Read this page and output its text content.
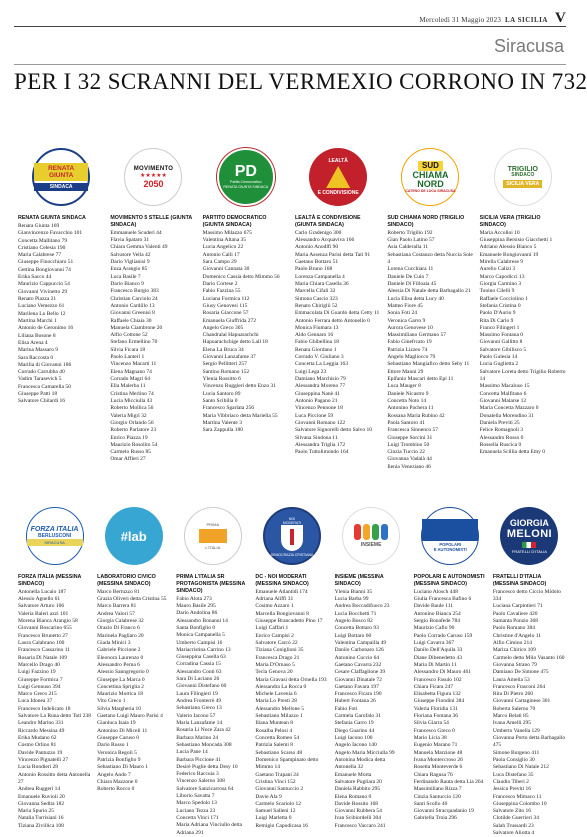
Mercoledì 31 Maggio 2023 LA SICILIA V
Siracusa
PER I 32 SCRANNI DEL VERMEXIO CORRONO IN 732
RENATA
GIUNTA
SINDACA
RENATA GIUNTA SINDACA
Renata Giunta 169
Gianvincenzo Favacchio 101
Concetta Mallitano 79
Cristiano Celesia 190
Maria Calabrese 77
Giuseppe Finocchiaro 51
Gettina Bongiovanni 74
Erika Sacco 44
Maurizio Cappuccio 54
Giovanni Vivinetto 29
Renato Piazza 21
Luciano Vemezzo 61
Marilena Lo Bello 12
Martina Marchi 1
Antonio de Geronimo 16
Liliana Bosone 8
Elisa Arena 4
Marina Massaro 9
Sara Raccosta 0
Marilia di Giovanni 186
Corrado Carrubba 40
Vadim Tarasevich 5
Francesca Camarella 50
Giuseppe Patti 18
Salvatore Chilardi 16
MOVIMENTO
★★★★★
2050
MOVIMENTO 5 STELLE (GIUNTA SINDACA)
Emmanuele Scuderi 44
Flavia Spataro 31
Chiara Gemma Valenti 49
Salvatore Vella 42
Dario Viglianisi 9
Enza Arangio 85
Luca Basile 7
Dario Bianco 9
Francesco Burgio 383
Christian Carciolo 24
Antonio Cardillo 13
Giovanni Greenisi 8
Raffaele Chiaia 30
Manuela Ciambrone 20
Alfio Cottone 52
Stefano Ermellino 70
Silvia Ficara 18
Paolo Lanteri 1
Vincenzo Macarti 11
Elena Magnano 74
Corrado Magri 64
Ella Malerba 11
Cristina Merlino 74
Lucia Micciulla 43
Roberto Mollica 56
Valeria Migri 32
Giorgio Orlando 56
Roberto Parlatore 23
Enrico Piazza 19
Maurizio Rosolito 54
Carmelo Russo 85
Omar Affieri 27
PD
Partito Democratico
RENATA GIUNTA SINDACA
PARTITO DEMOCRATICO (GIUNTA SINDACA)
Massimo Milazzo 675
Valentina Altana 35
Lucia Angelico 22
Antonio Calli 17
Sara Campo 29
Giovanni Cannata 30
Domenico Cassia detto Mimmo 56
Dario Cortese 2
Fabio Fazzina 55
Luciana Formica 112
Giusy Genovesi 115
Rosaria Giaccone 57
Emanuela Giuffrida 272
Angelo Greco 305
Chandralal Hapuarachchi Hapuarachchige detto Lall 18
Elena La Bruca 34
Giovanni Lanzafame 37
Sergio Pellitteri 257
Santino Romano 152
Ylenia Rossitto 6
Vincenzo Ruggieri detto Enzo 31
Lucia Santoro 89
Santo Scibilia 0
Francesco Sgarlata 256
Maria Vibbriaco detta Mariella 55
Martina Valente 3
Sara Zappulla 180
LEALTÀ
E CONDIVISIONE
LEALTÀ E CONDIVISIONE (GIUNTA SINDACA)
Carlo Gradenigo 300
Alessandro Acquaviva 166
Antonio Anodlfi 90
Maria Assenza Parisi detta Tati 91
Gaetano Bottaro 51
Paolo Bruno 168
Lorenza Campanella 4
Maria Chiara Casella 36
Marcella Cifali 32
Simona Cascio 323
Renato Chiriglii 52
Emmacolata Di Guardo detta Cetty 11
Antonio Ferrara detto Antonello 0
Monica Fiumara 13
Aldo Gennaro 16
Fabio Ghibellina 18
Renata Giordano 1
Corrado V. Giuliano 3
Concetta La Leggia 163
Luigi Lega 23
Damiano Marchisio 79
Alessandra Moreno 77
Giuseppina Nanè 41
Antonio Pagano 21
Vincenzo Pennone 18
Luca Piccione 59
Giovanni Romano 122
Salvatore Signorelli detto Salvo 10
Silvana Sindona 11
Alessandra Triglia 172
Paolo Tuttolimondo 164
SUD
CHIAMA NORD
CATENO DE LUCA SIRACUSA
SUD CHIAMA NORD (TRIGILIO SINDACO)
Roberto Trigilio 192
Gian Paolo Latino 57
Asia Calderalla 11
Sebastiana Costanzo detta Nuccia Sole 4
Lorena Cucchiara 11
Daniele De Cuio 7
Daniele Di Filloaia 45
Alessia Di Natale detta Barbagallo 21
Lucia Elisa detta Lucy 40
Matteo Fiore 45
Sonia Foti 24
Veronica Garro 9
Aurora Genovese 10
Massimiliano Germano 57
Fabio Ginefrcato 19
Patrizia Lizzeo 74
Angelo Magliocco 79
Sebastiano Mangiafico detto Seby 11
Ettore Manni 29
Epifanio Mascari detto Epi 11
Luca Mauger 8
Daniele Nicastro 9
Concetta Noto 14
Antonino Pachera 11
Rossana Maria Rubino 42
Paola Santoro 41
Francesca Sinnenco 57
Giuseppe Sorcini 31
Luigi Trombino 50
Cinzia Tuccio 22
Giovanna Vadalà 44
Ilenia Veneziano 46
TRIGILIO
SINDACO
SICILIA VERA
SICILIA VERA (TRIGILIO SINDACO)
Maria Accolloi 10
Giuseppina Bersisio Giacchetti 1
Adriano Alessio Bianco 5
Emanuele Bongiovanni 19
Mirella Calabrese 9
Aurelio Calizi 3
Marco Capodicci 13
Giorgia Carmino 3
Tonino Cilelli 9
Raffaele Cocciolino 1
Stefania Cristina 0
Paolo D'Aurio 9
Rita Di Carlo 9
Franco Filingeri 1
Massimo Fontana 0
Giovanni Gallitto 8
Salvatore Gibilisco 5
Paolo Gulesia 14
Lucia Guglietta 2
Salvatore Loreta detto Trigilio Roberto 14
Massimo Macaluso 15
Concetta Malfitano 6
Giovanni Malarse 12
Maria Concetta Mazzaro 0
Donatella Morendino 31
Daniela Previti 25
Felice Romagnoli 3
Alessandro Rosso 0
Rossella Ruscica 0
Emanuela Scillia detta Emy 0
FORZA ITALIA
BERLUSCONI
SIRACUSA
FORZA ITALIA (MESSINA SINDACO)
Antonella Lucaio 187
Alessio Agnello 61
Salvatore Arturo 106
Valeria Baleri azzi 101
Morena Bianca Arangio 58
Giovanni Boscarino 655
Francesco Brunetto 27
Laura Calabrano 100
Francesco Cassarino 11
Rosaria Di Natale 109
Marcello Drago 40
Luigi Fazzino 19
Giuseppe Formica 7
Luigi Gennuso 394
Marco Greco 215
Luca Idonea 37
Francesco Indelicato 18
Salvatore La Runa detto Toti 238
Leandro Marino 331
Riccardo Messina 49
Erika Mudano 62
Cosmo Orlino 81
Davide Pantuzzo 19
Vincenzo Pignatelli 27
Lucia Rondieri 28
Antonio Rossitto detta Antonella 27
Andrea Ruggeri 14
Emanuele Ruvioli 20
Giovanna Sedita 182
Maria Spurio 25
Natalia Turrisiani 16
Tiziana Zivillica 108
#lab
LABORATORIO CIVICO (MESSINA SINDACO)
Marco Bertuzzo 81
Grazia Oliveri detta Cristina 55
Marco Barrera 81
Andrea Valori 57
Giorgia Calabrese 32
Orazio Di Franco 6
Marinela Pagliaro 20
Giada Minici 3
Gabriele Piccione 2
Eleonora Laurenzo 0
Alessandro Perna 6
Alessio Sanngregorio 0
Giuseppe La Marca 0
Concettina Spriglia 2
Maurizio Mortica 18
Vito Greco 1
Silvia Margheria 10
Gaetano Luigi Mauro Parisi 4
Gianluca Isaia 19
Antonino Di Miceli 11
Giuseppe Caruso 0
Dario Russo 1
Veronica Regoli 5
Patrizia Bonfiglio 9
Sebastiano Di Mauro 1
Angelo Ando 7
Chiara Mazzone 0
Roberto Rocco 0
PRIMA
L'ITALIA
PRIMA L'ITALIA SR PROTAGONISTA (MESSINA SINDACO)
Fabio Alota 273
Mauro Basile 295
Dario Andolina 86
Alessandro Bonanni 14
Santa Bonfiglio 0
Monica Campanella 5
Umberto Campisi 16
Mariacristina Carrino 13
Giuseppina Casella 63
Corradina Cassia 15
Alessandro Conti 63
Sara Di Luciano 26
Giovanni Distefano 60
Laura Filingieri 19
Andrea Fronterrè 49
Sebastiano Greco 13
Valerio Iacono 57
Maria Lanzafame 14
Rosaria Li Noce Zara 42
Barbara Marino 24
Sebastiano Moncada 308
Lucia Pane 14
Barbara Piccione 41
Desirè Puglie detta Desy 10
Federico Raccuia 3
Vincenzo Salerno 308
Salvatore Sanzicarrosa 64
Liborio Savatta 7
Marco Spedolo 13
Luciano Tezza 23
Concetta Vinci 171
Maria Adriana Vinciullo detta Adriana 291
NOI
MODERATI
DEMOCRAZIA CRISTIANA
DC - NOI MODERATI (MESSINA SINDACO)
Emanuele Atlantidi 174
Adriana Aliffi 31
Cosimo Azzaro 1
Marcella Bongiovanni 8
Giuseppe Brancadetto Pino 17
Luigi Caffari 1
Enrico Campisi 2
Salvatore Carcò 22
Tiziana Coniglioni 35
Francesca Drago 21
Maria D'Ornaso 5
Tecla Genova 20
Maria Gravasi detta Ornella 193
Alessandra La Rocca 0
Michele Lavenia 6
Maria Lo Presti 28
Alessandro Mellone 5
Sebastiano Milazzo 1
Iliana Muntean 8
Rosalba Pelosi 4
Concetta Romeo 54
Patrizia Salemi 8
Sebastiano Scarso 48
Domenico Spampinato detto Mimmo 14
Gaetano Trapani 24
Cristina Vinci 152
Giovanni Santuccio 2
Davie Ala 9
Carmelo Scariolo 12
Samuel Salleni 12
Luigi Marletta 0
Remigio Capodicasa 16
INSIEME
INSIEME (MESSINA SINDACO)
Ylenia Bianni 35
Lucia Barba 99
Andrea Boccadifuoco 23
Lucia Bocchetti 71
Angelo Bosco 82
Concetta Bottaro 93
Luigi Bottaro 60
Valentina Campailla 49
Danilo Carbonaro 126
Antonino Cuccio 64
Gaetano Cavarra 232
Cesare Claffaglione 39
Giovanni Dinatale 72
Gaetano Favara 197
Francesco Ficara 190
Hubert Fontana 26
Fabio Foti
Carmela Garofalo 31
Stefania Garro 19
Diego Guarino 44
Luigi Iacono 100
Angelo Iacono 140
Angelo Maria Micciulla 99
Antonina Modica detta Antonella 32
Emanuele Morta
Salvatore Pugliara 20
Daniela Rabbito 295
Elena Romano 0
Davide Rossito 168
Giovanni Rubbera 54
Ivan Scibiordelli 304
Francesco Vaccaro 241
POPOLARI
E AUTONOMISTI
POPOLARI E AUTONOMISTI (MESSINA SINDACO)
Luciano Alosch 448
Giulia Francesca Bafino 6
Davide Baule 111
Antonino Bianca 254
Sergio Bonafede 784
Maurizio Cafio 90
Paolo Corrado Caruso 159
Luigi Cavarra 367
Danilo Dell'Aquila 33
Diane Dibenedetto 43
Maria Di Martin 11
Alessandro Di Mauro 461
Francesco Fasulo 102
Chiara Ficara 247
Elisabetta Figura 132
Giuseppe Fiondini 384
Valeria Floridia 131
Floriana Fontana 36
Silvia Giarra 54
Francesco Greco 0
Mario Licia 38
Eugenio Marano 71
Manuela Marzione 48
Ivana Monteccroso 26
Rosetta Monteverde 6
Chiara Ragusa 76
Ferdinando Rauta detta Lia 264
Massimiliano Rizza 7
Cinzia Santuccio 120
Santi Scollo 40
Giovanni Stracquadanio 19
Gabriella Troia 296
GIORGIA
MELONI
FRATELLI D'ITALIA
FRATELLI D'ITALIA (MESSINA SINDACO)
Francesco detto Ciccio Midolo 334
Luciana Carpintieri 71
Paolo Cavaliere 420
Samanta Ponzio 368
Paolo Romano 384
Christine d'Angelo 11
Alfio Cimino 214
Mariza Chirico 109
Carmelo detto Milo Vasanto 160
Giovanna Strano 79
Damiano De Simone 475
Laura Amelia 53
Francesco Frasconi 264
Rita Di Pietro 260
Giovanni Cartaginese 301
Roberta Salerno 70
Marco Belati 85
Ivana Amelli 295
Umberto Vanella 129
Giovanna Porto detta Barbagallo 475
Simone Burgeno 411
Paola Consiglio 30
Sebastiano Di Natale 212
Luca Distefano 35
Claudio Tiberi 2
Jessica Previti 16
Francesco Mimaco 11
Giuseppina Colombo 10
Salvatore Zito 16
Clotilde Guerrieri 34
Salah Trussardi 23
Salvatore Aliotta 4
